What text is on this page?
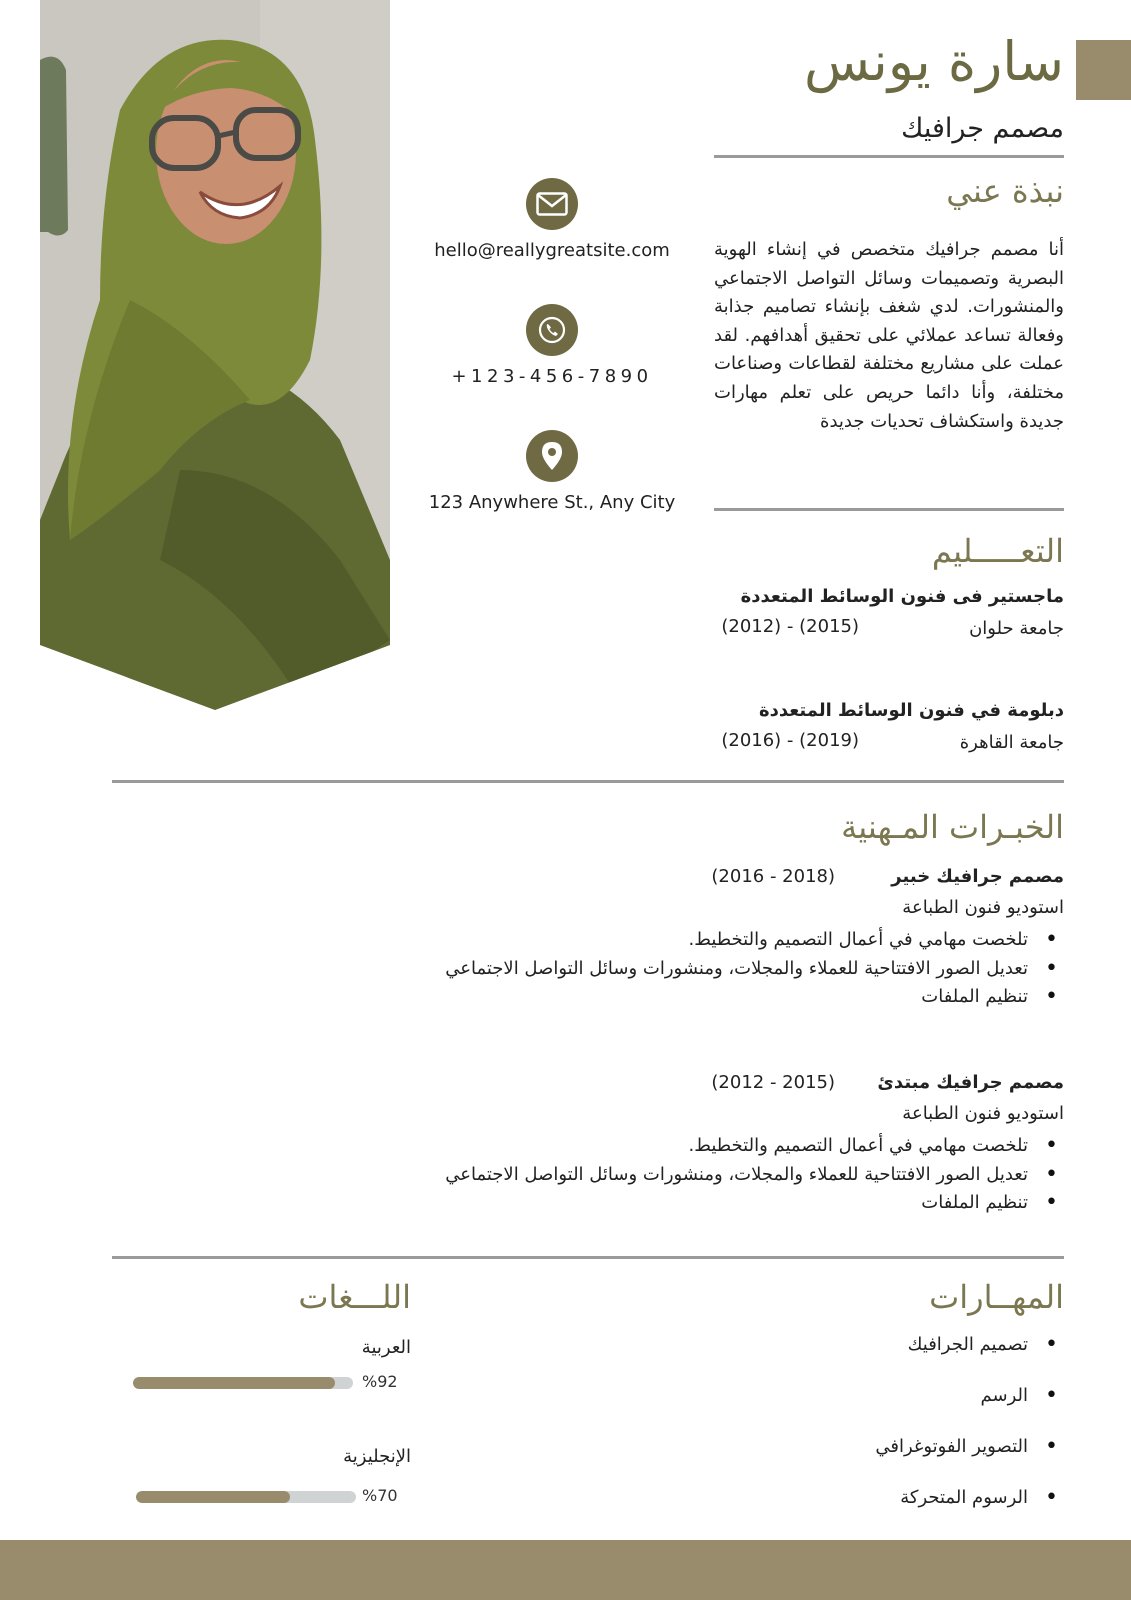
سارة يونس
مصمم جرافيك
نبذة عني

أنا مصمم جرافيك متخصص في إنشاء الهوية البصرية وتصميمات وسائل التواصل الاجتماعي والمنشورات. لدي شغف بإنشاء تصاميم جذابة وفعالة تساعد عملائي على تحقيق أهدافهم. لقد عملت على مشاريع مختلفة لقطاعات وصناعات مختلفة، وأنا دائما حريص على تعلم مهارات جديدة واستكشاف تحديات جديدة

hello@reallygreatsite.com
+123-456-7890
123 Anywhere St., Any City
التعـــــليم
ماجستير فى فنون الوسائط المتعددة
جامعة حلوان
(2012) - (2015)
دبلومة في فنون الوسائط المتعددة
جامعة القاهرة
(2016) - (2019)
الخبـرات المـهنية
مصمم جرافيك خبير
(2016 - 2018)
استوديو فنون الطباعة
• تلخصت مهامي في أعمال التصميم والتخطيط.
• تعديل الصور الافتتاحية للعملاء والمجلات، ومنشورات وسائل التواصل الاجتماعي
• تنظيم الملفات
مصمم جرافيك مبتدئ
(2012 - 2015)
استوديو فنون الطباعة
• تلخصت مهامي في أعمال التصميم والتخطيط.
• تعديل الصور الافتتاحية للعملاء والمجلات، ومنشورات وسائل التواصل الاجتماعي
• تنظيم الملفات
المهــارات
• تصميم الجرافيك
• الرسم
• التصوير الفوتوغرافي
• الرسوم المتحركة
اللـــغات
العربية
%92
الإنجليزية
%70
